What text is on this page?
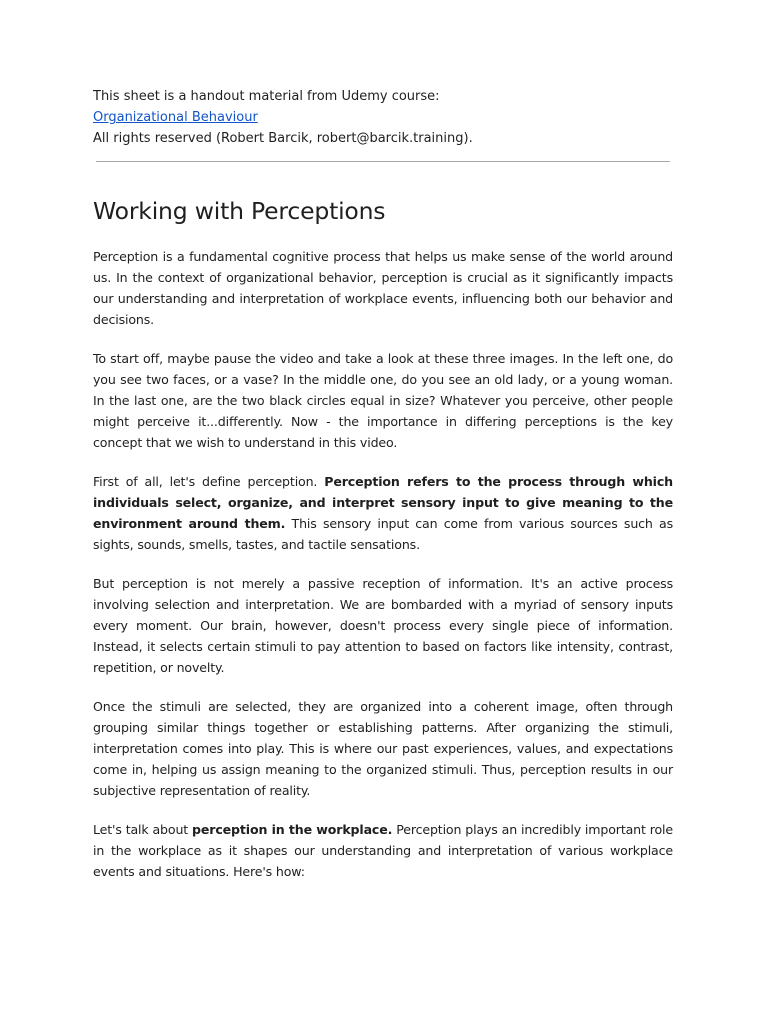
This sheet is a handout material from Udemy course:

Organizational Behaviour

All rights reserved (Robert Barcik, robert@barcik.training).

Working with Perceptions

Perception is a fundamental cognitive process that helps us make sense of the world around us. In the context of organizational behavior, perception is crucial as it significantly impacts our understanding and interpretation of workplace events, influencing both our behavior and decisions.

To start off, maybe pause the video and take a look at these three images. In the left one, do you see two faces, or a vase? In the middle one, do you see an old lady, or a young woman. In the last one, are the two black circles equal in size? Whatever you perceive, other people might perceive it...differently. Now - the importance in differing perceptions is the key concept that we wish to understand in this video.

First of all, let's define perception. Perception refers to the process through which individuals select, organize, and interpret sensory input to give meaning to the environment around them. This sensory input can come from various sources such as sights, sounds, smells, tastes, and tactile sensations.

But perception is not merely a passive reception of information. It's an active process involving selection and interpretation. We are bombarded with a myriad of sensory inputs every moment. Our brain, however, doesn't process every single piece of information. Instead, it selects certain stimuli to pay attention to based on factors like intensity, contrast, repetition, or novelty.

Once the stimuli are selected, they are organized into a coherent image, often through grouping similar things together or establishing patterns. After organizing the stimuli, interpretation comes into play. This is where our past experiences, values, and expectations come in, helping us assign meaning to the organized stimuli. Thus, perception results in our subjective representation of reality.

Let's talk about perception in the workplace. Perception plays an incredibly important role in the workplace as it shapes our understanding and interpretation of various workplace events and situations. Here's how:
